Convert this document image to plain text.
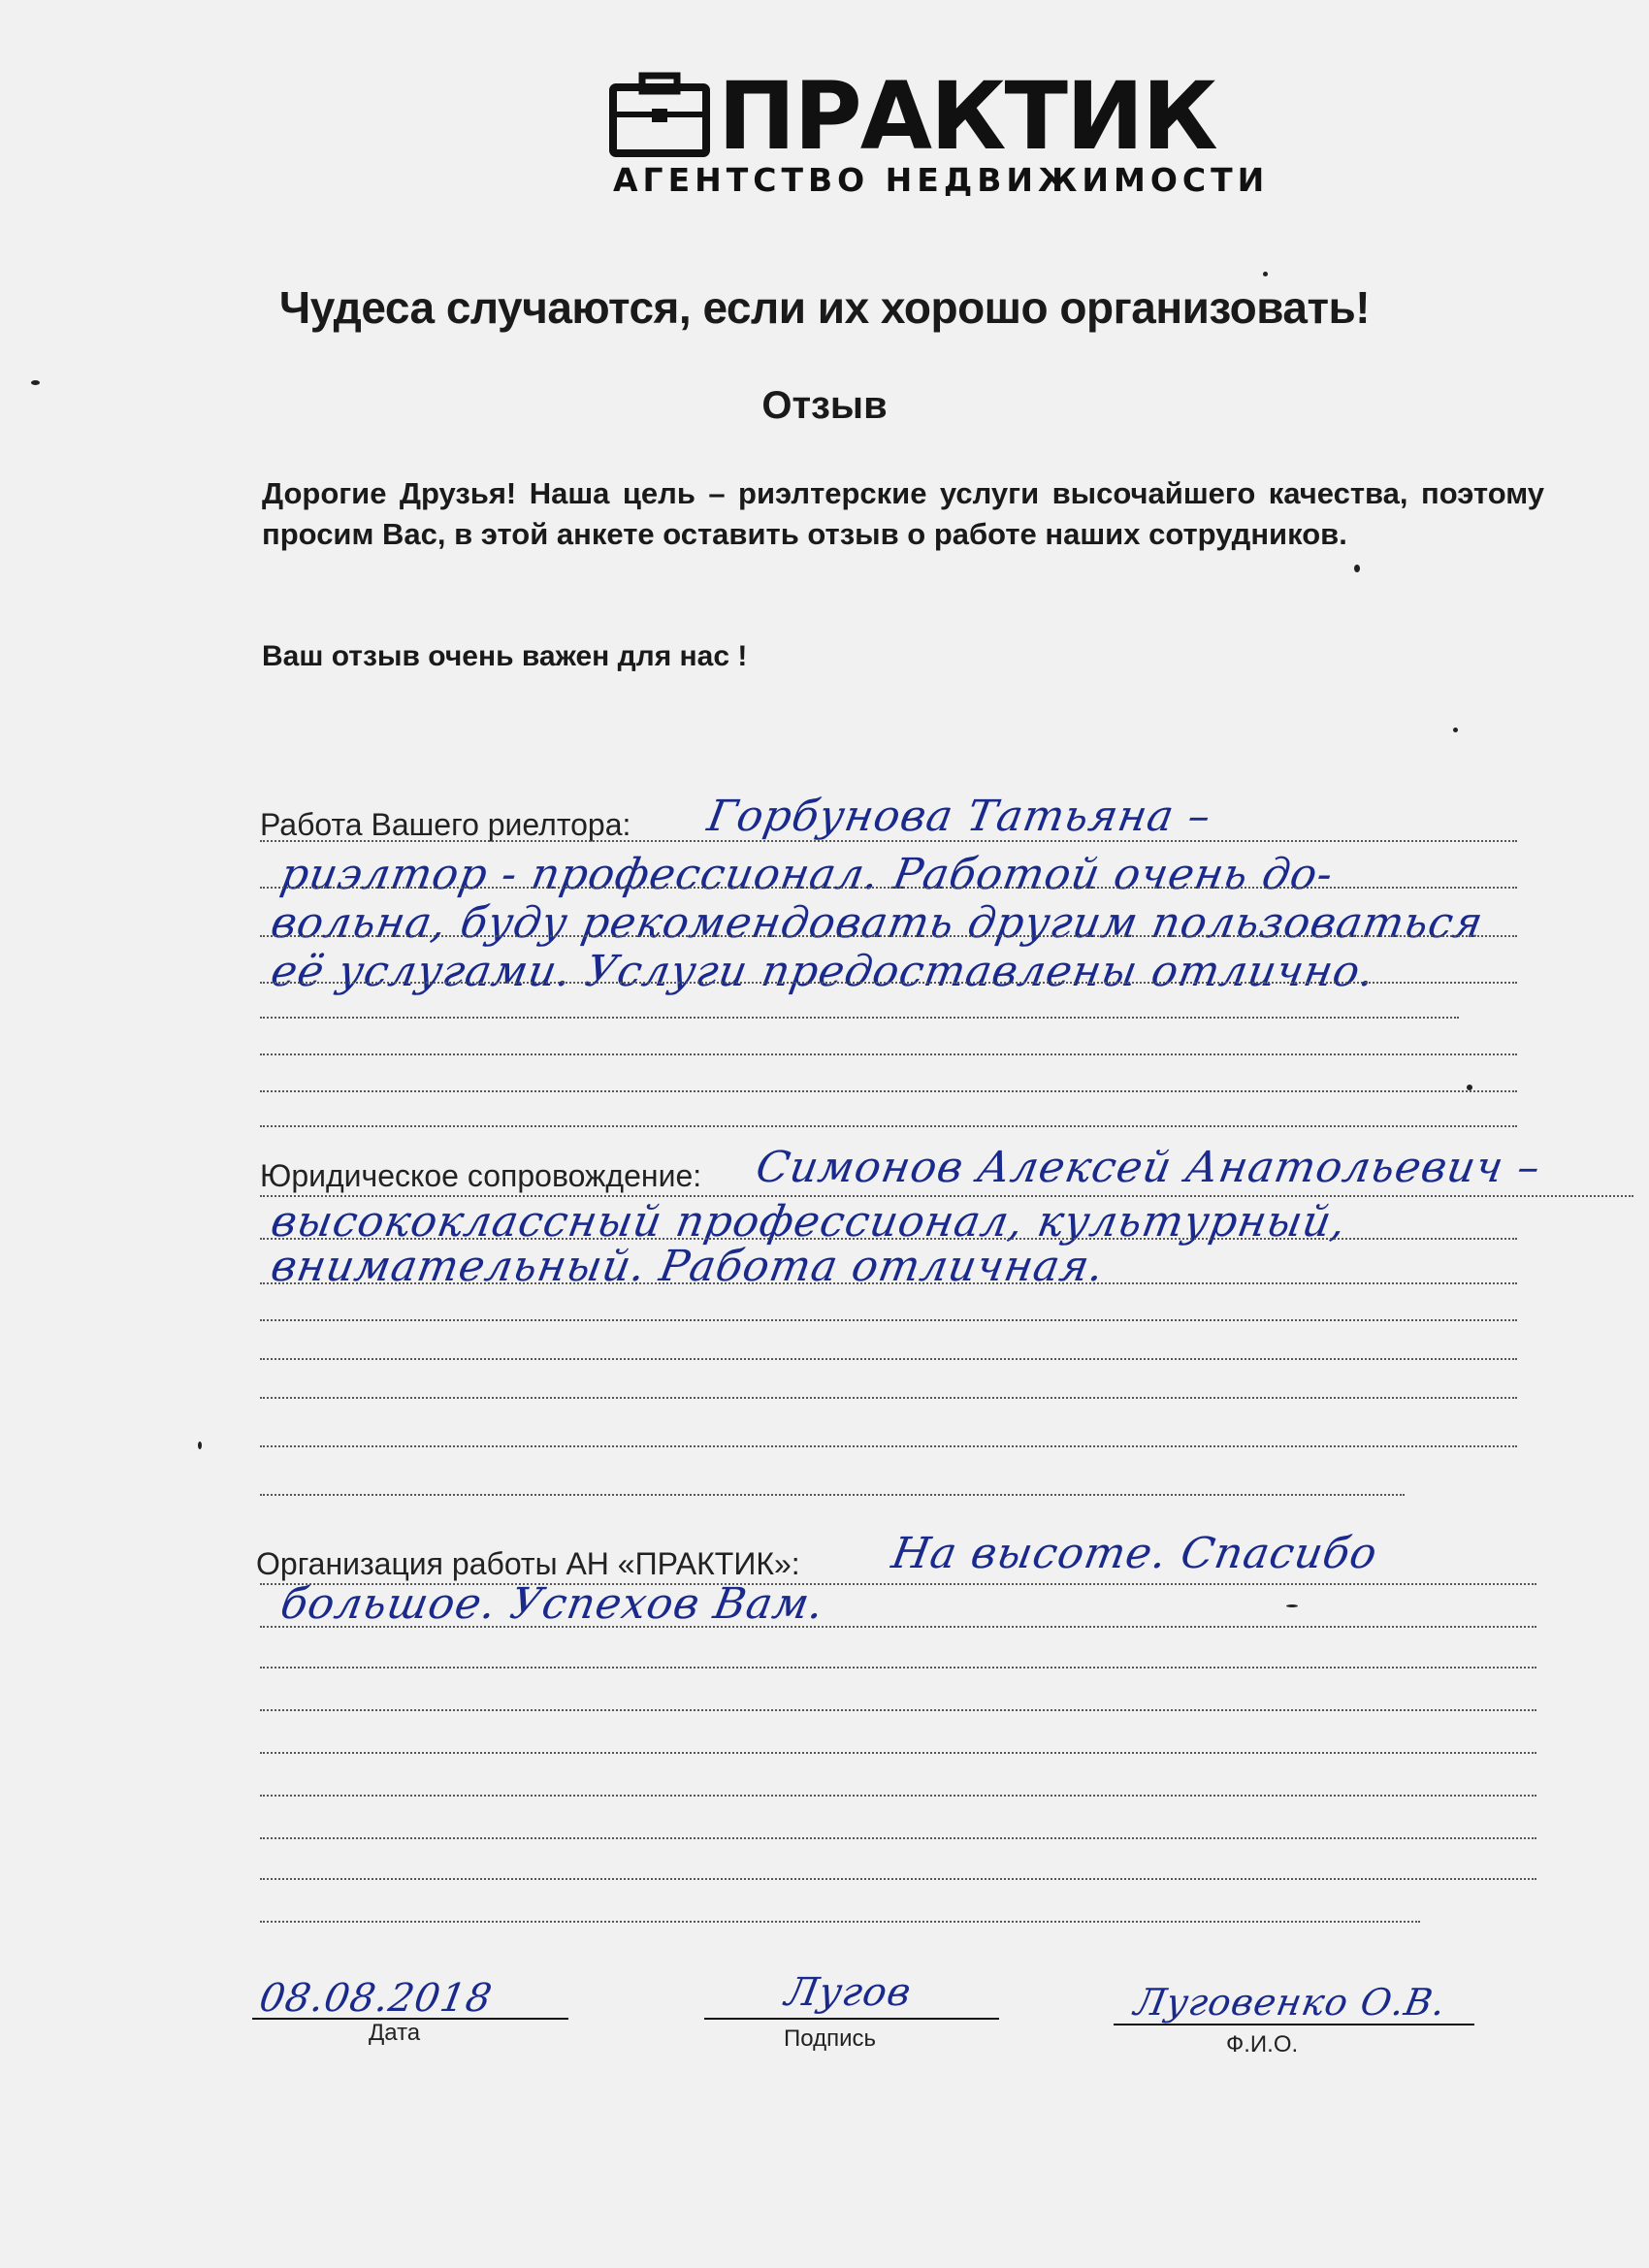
ПРАКТИК
АГЕНТСТВО НЕДВИЖИМОСТИ
Чудеса случаются, если их хорошо организовать!
Отзыв
Дорогие Друзья! Наша цель – риэлтерские услуги высочайшего качества, поэтому просим Вас, в этой анкете оставить отзыв о работе наших сотрудников.
Ваш отзыв очень важен для нас !
Работа Вашего риелтора: Горбунова Татьяна –
риэлтор - профессионал. Работой очень до-
вольна, буду рекомендовать другим пользоваться
её услугами. Услуги предоставлены отлично.
Юридическое сопровождение: Симонов Алексей Анатольевич –
высококлассный профессионал, культурный,
внимательный. Работа отличная.
Организация работы АН «ПРАКТИК»: На высоте. Спасибо
большое. Успехов Вам.
08.08.2018
Дата
Лугов
Подпись
Луговенко О.В.
Ф.И.О.
